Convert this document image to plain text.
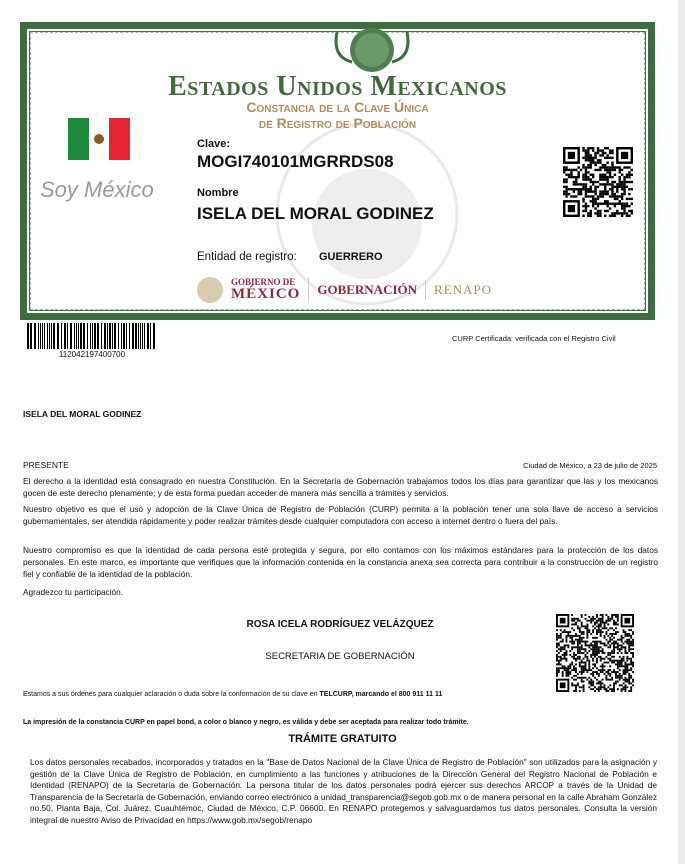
Estados Unidos Mexicanos
Constancia de la Clave Única
de Registro de Población
Soy México
Clave:
MOGI740101MGRRDS08
Nombre
ISELA DEL MORAL GODINEZ
Entidad de registro: GUERRERO
GOBIERNO DE
MÉXICO GOBERNACIÓN RENAPO
112042197400700
CURP Certificada: verificada con el Registro Civil
ISELA DEL MORAL GODINEZ
PRESENTE	Ciudad de México, a 23 de julio de 2025

El derecho a la identidad está consagrado en nuestra Constitución. En la Secretaría de Gobernación trabajamos todos los días para garantizar que las y los mexicanos gocen de este derecho plenamente; y de esta forma puedan acceder de manera más sencilla a trámites y servicios.

Nuestro objetivo es que el uso y adopción de la Clave Única de Registro de Población (CURP) permita a la población tener una sola llave de acceso a servicios gubernamentales, ser atendida rápidamente y poder realizar trámites desde cualquier computadora con acceso a internet dentro o fuera del país.

Nuestro compromiso es que la identidad de cada persona esté protegida y segura, por ello contamos con los máximos estándares para la protección de los datos personales. En este marco, es importante que verifiques que la información contenida en la constancia anexa sea correcta para contribuir a la construcción de un registro fiel y confiable de la identidad de la población.

Agradezco tu participación.

ROSA ICELA RODRÍGUEZ VELÁZQUEZ
SECRETARIA DE GOBERNACIÓN
Estamos a sus órdenes para cualquier aclaración o duda sobre la conformación de su clave en TELCURP, marcando el 800 911 11 11
La impresión de la constancia CURP en papel bond, a color o blanco y negro, es válida y debe ser aceptada para realizar todo trámite.
TRÁMITE GRATUITO

Los datos personales recabados, incorporados y tratados en la "Base de Datos Nacional de la Clave Única de Registro de Población" son utilizados para la asignación y gestión de la Clave Única de Registro de Población, en cumplimiento a las funciones y atribuciones de la Dirección General del Registro Nacional de Población e Identidad (RENAPO) de la Secretaría de Gobernación. La persona titular de los datos personales podrá ejercer sus derechos ARCOP a través de la Unidad de Transparencia de la Secretaría de Gobernación, enviando correo electrónico a unidad_transparencia@segob.gob.mx o de manera personal en la calle Abraham González no.50, Planta Baja, Col. Juárez, Cuauhtémoc, Ciudad de México, C.P. 06600. En RENAPO protegemos y salvaguardamos tus datos personales. Consulta la versión integral de nuestro Aviso de Privacidad en https://www.gob.mx/segob/renapo
